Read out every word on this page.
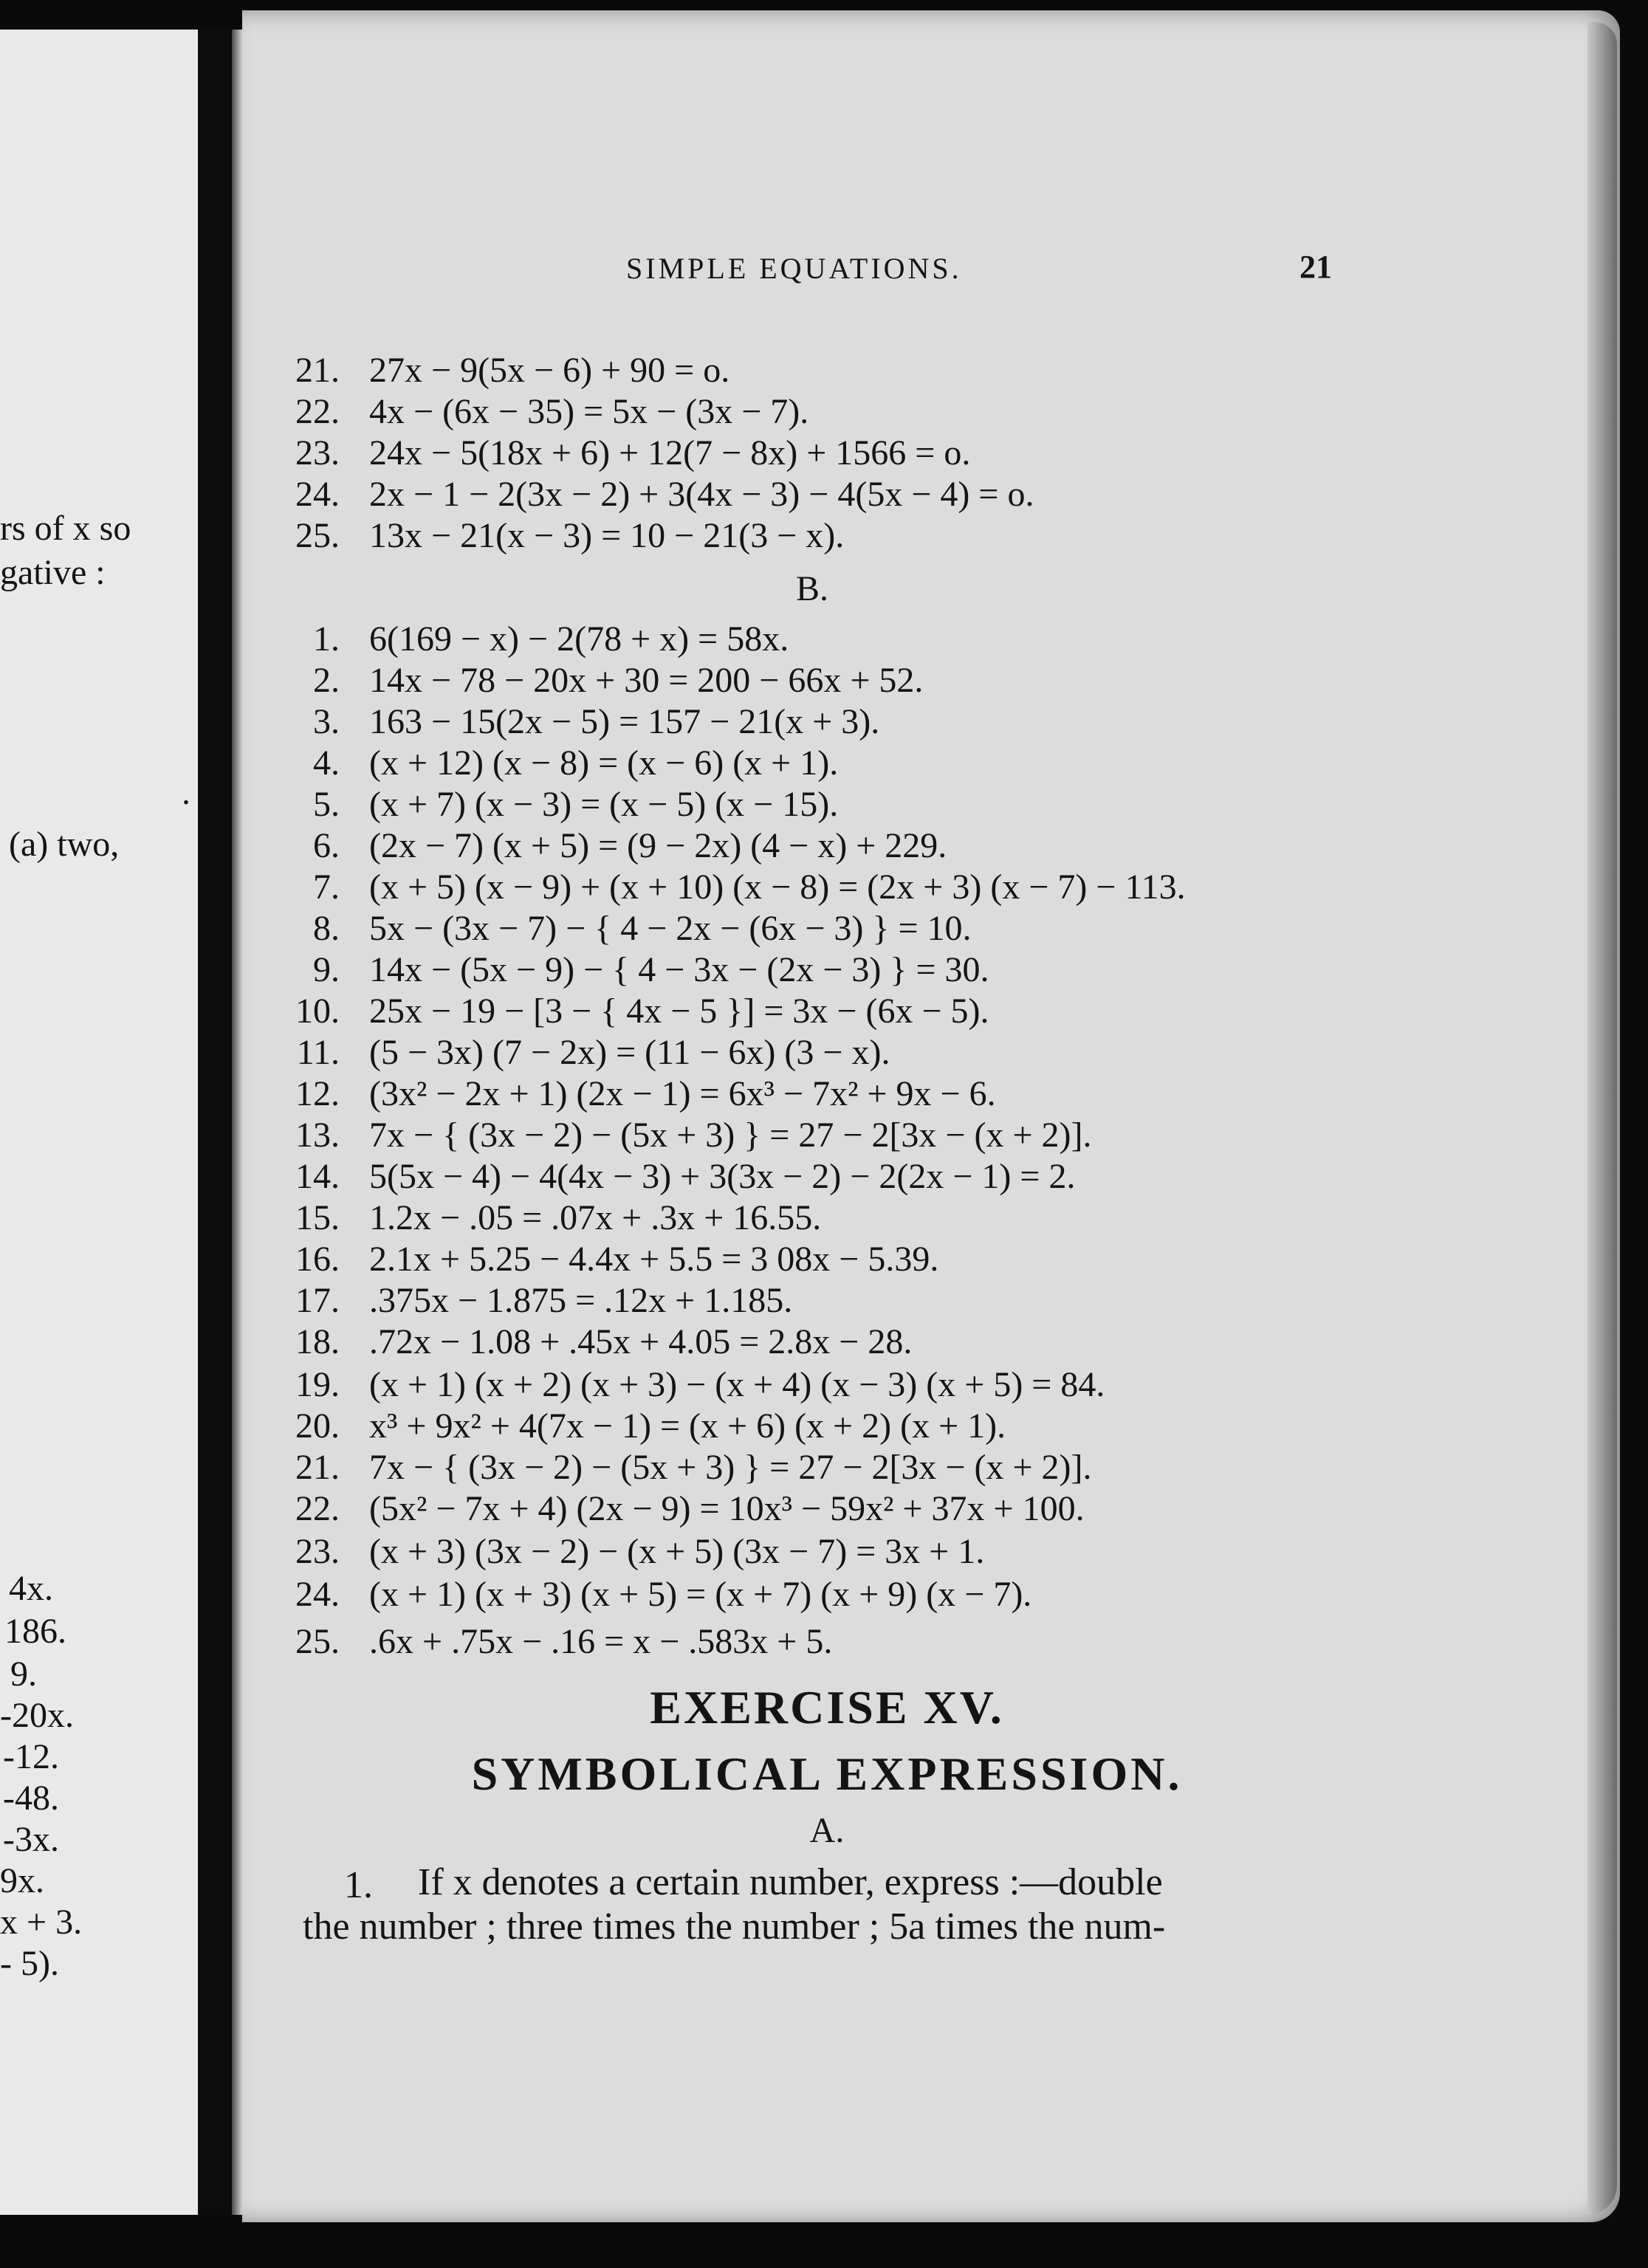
rs of x so
gative :
.
(a) two,
4x.
186.
9.
-20x.
-12.
-48.
-3x.
9x.
x + 3.
- 5).
SIMPLE EQUATIONS.	21
21. 27x − 9(5x − 6) + 90 = o.
22. 4x − (6x − 35) = 5x − (3x − 7).
23. 24x − 5(18x + 6) + 12(7 − 8x) + 1566 = o.
24. 2x − 1 − 2(3x − 2) + 3(4x − 3) − 4(5x − 4) = o.
25. 13x − 21(x − 3) = 10 − 21(3 − x).
B.
1. 6(169 − x) − 2(78 + x) = 58x.
2. 14x − 78 − 20x + 30 = 200 − 66x + 52.
3. 163 − 15(2x − 5) = 157 − 21(x + 3).
4. (x + 12) (x − 8) = (x − 6) (x + 1).
5. (x + 7) (x − 3) = (x − 5) (x − 15).
6. (2x − 7) (x + 5) = (9 − 2x) (4 − x) + 229.
7. (x + 5) (x − 9) + (x + 10) (x − 8) = (2x + 3) (x − 7) − 113.
8. 5x − (3x − 7) − { 4 − 2x − (6x − 3) } = 10.
9. 14x − (5x − 9) − { 4 − 3x − (2x − 3) } = 30.
10. 25x − 19 − [3 − { 4x − 5 }] = 3x − (6x − 5).
11. (5 − 3x) (7 − 2x) = (11 − 6x) (3 − x).
12. (3x² − 2x + 1) (2x − 1) = 6x³ − 7x² + 9x − 6.
13. 7x − { (3x − 2) − (5x + 3) } = 27 − 2[3x − (x + 2)].
14. 5(5x − 4) − 4(4x − 3) + 3(3x − 2) − 2(2x − 1) = 2.
15. 1.2x − .05 = .07x + .3x + 16.55.
16. 2.1x + 5.25 − 4.4x + 5.5 = 3 08x − 5.39.
17. .375x − 1.875 = .12x + 1.185.
18. .72x − 1.08 + .45x + 4.05 = 2.8x − 28.
19. (x + 1) (x + 2) (x + 3) − (x + 4) (x − 3) (x + 5) = 84.
20. x³ + 9x² + 4(7x − 1) = (x + 6) (x + 2) (x + 1).
21. 7x − { (3x − 2) − (5x + 3) } = 27 − 2[3x − (x + 2)].
22. (5x² − 7x + 4) (2x − 9) = 10x³ − 59x² + 37x + 100.
23. (x + 3) (3x − 2) − (x + 5) (3x − 7) = 3x + 1.
24. (x + 1) (x + 3) (x + 5) = (x + 7) (x + 9) (x − 7).
25. .6x + .75x − .16 = x − .583x + 5.
EXERCISE XV.
SYMBOLICAL EXPRESSION.
A.
1. If x denotes a certain number, express :—double
the number ; three times the number ; 5a times the num-
